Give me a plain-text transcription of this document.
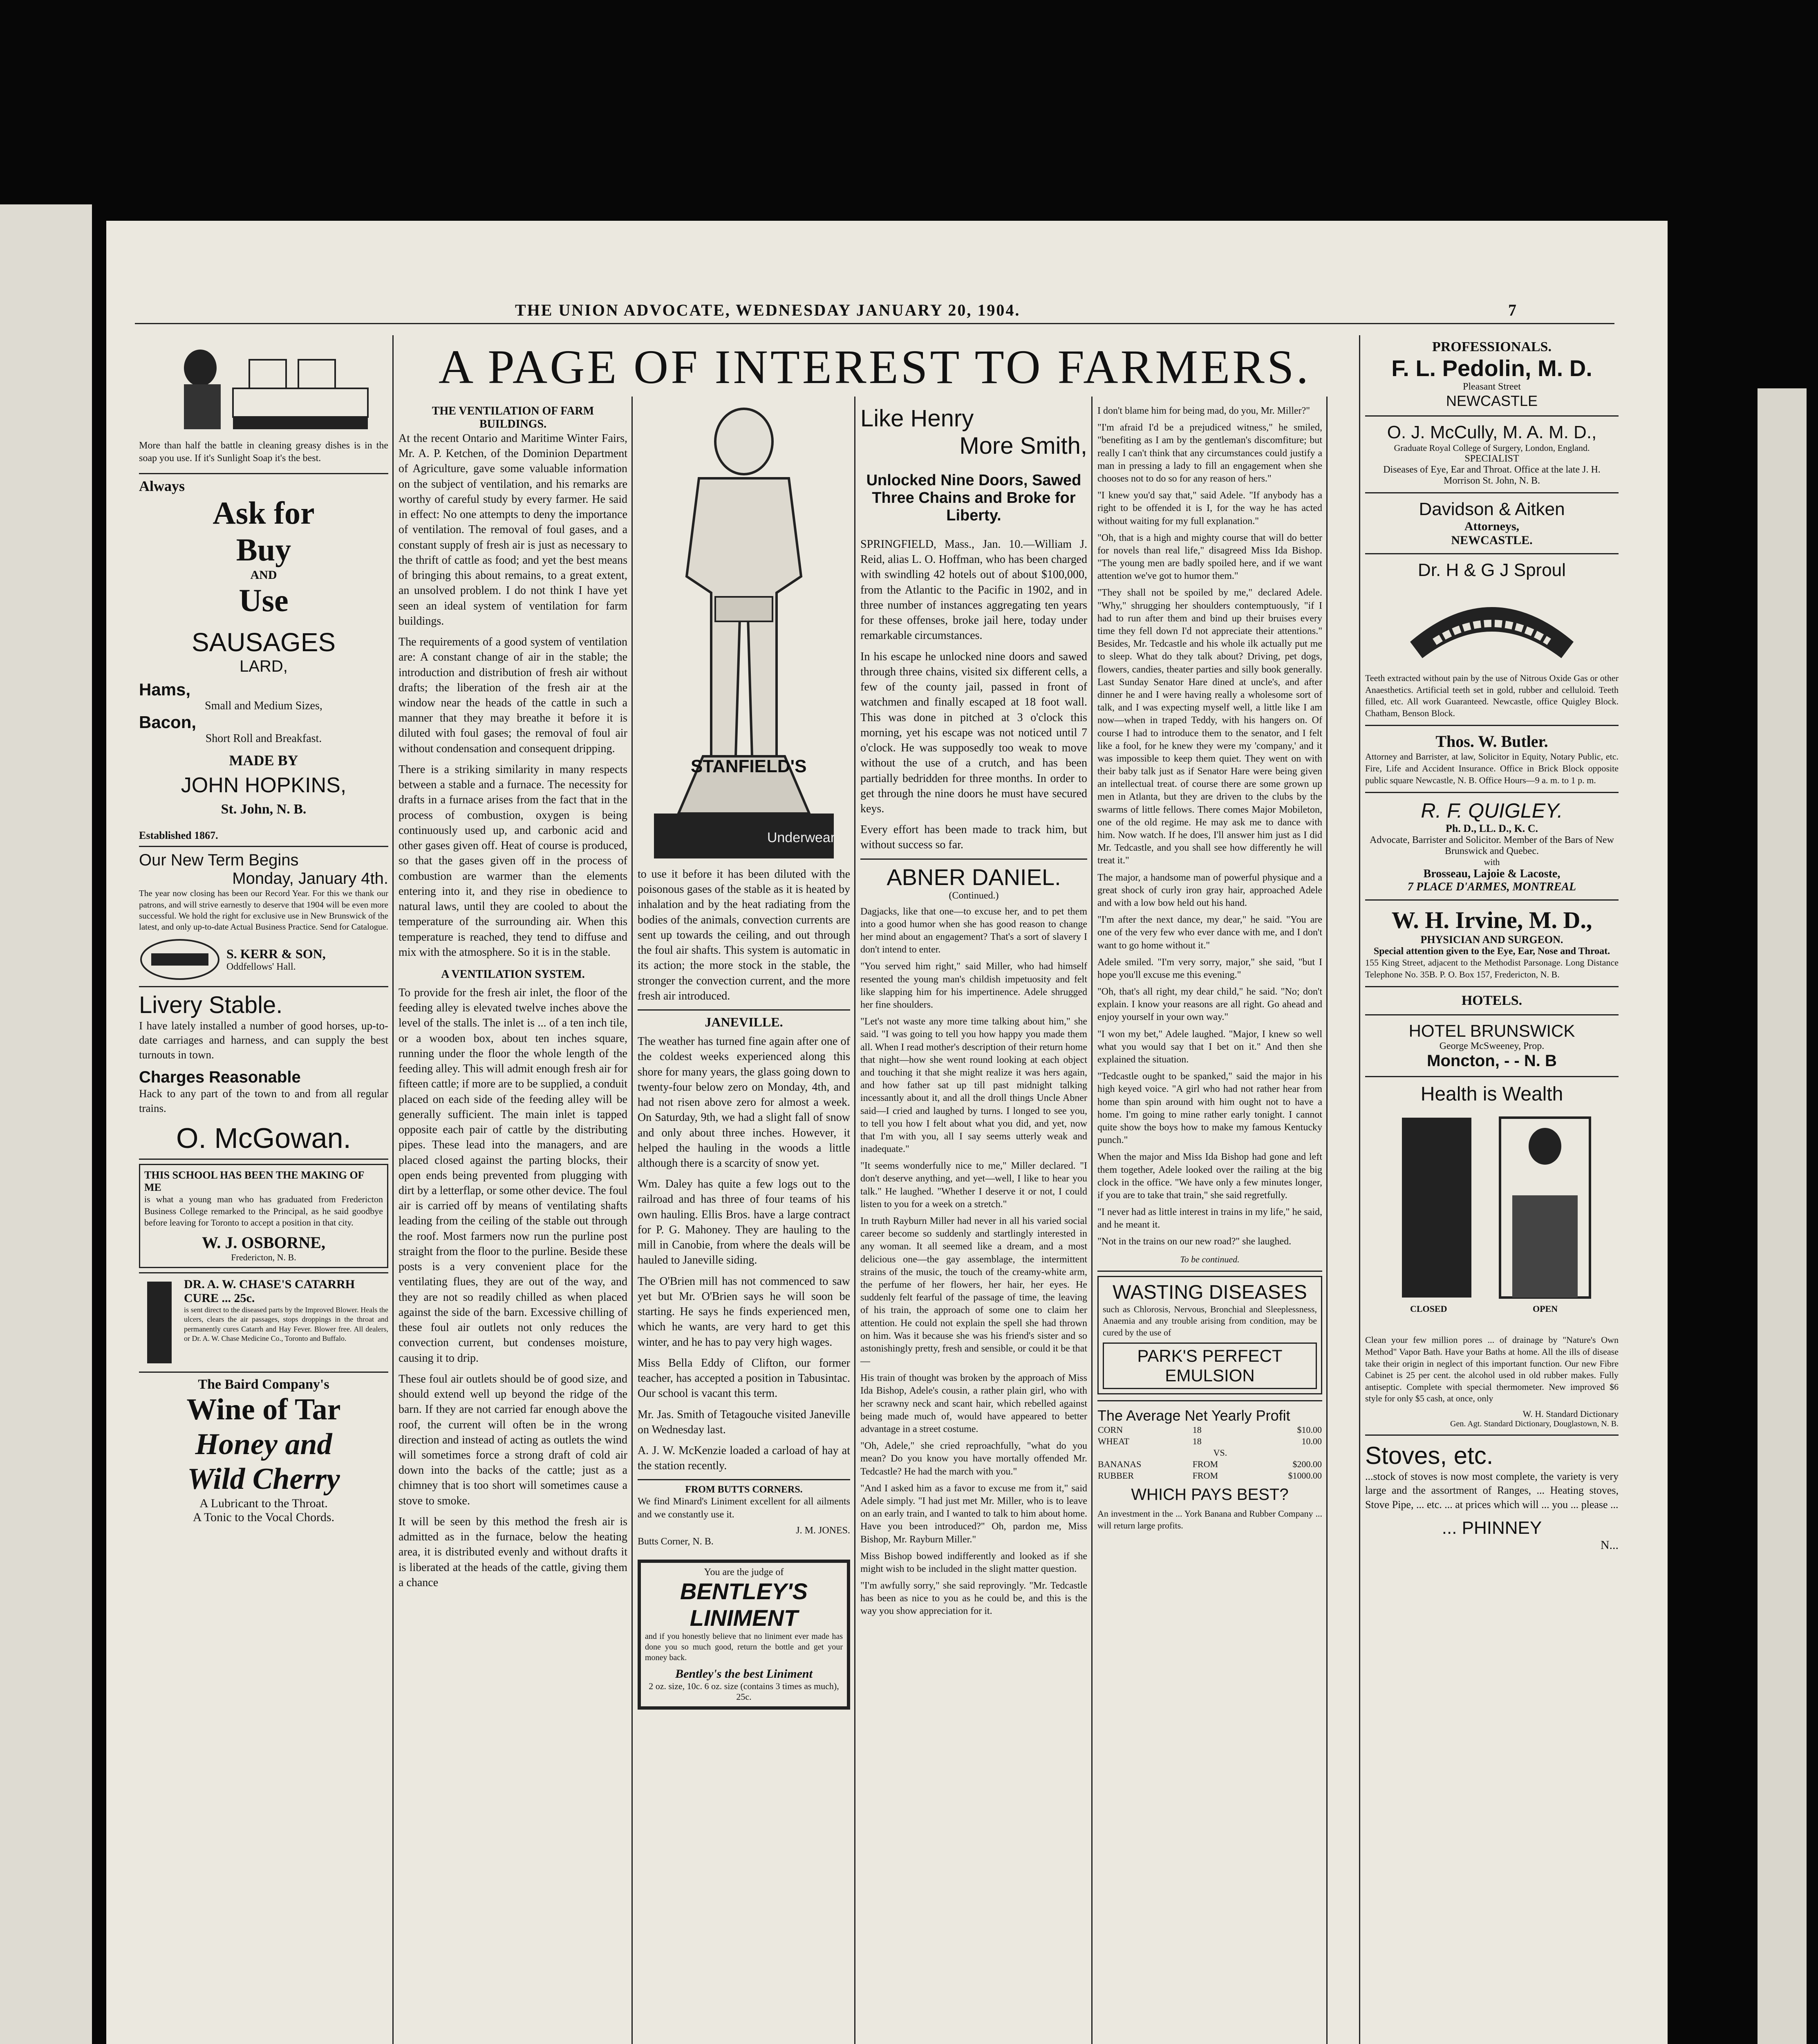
THE UNION ADVOCATE, WEDNESDAY JANUARY 20, 1904.	7
A PAGE OF INTEREST TO FARMERS.
More than half the battle in cleaning greasy dishes is in the soap you use. If it's Sunlight Soap it's the best.
Always
Ask for
Buy
AND
Use
SAUSAGES
LARD,
Hams,
Small and Medium Sizes,
Bacon,
Short Roll and Breakfast.
MADE BY
JOHN HOPKINS,
St. John, N. B.
Established 1867.
Our New Term Begins
Monday, January 4th.
The year now closing has been our Record Year. For this we thank our patrons, and will strive earnestly to deserve that 1904 will be even more successful. We hold the right for exclusive use in New Brunswick of the latest, and only up-to-date Actual Business Practice. Send for Catalogue.
S. KERR & SON,
Oddfellows' Hall.
Livery Stable.
I have lately installed a number of good horses, up-to-date carriages and harness, and can supply the best turnouts in town.
Charges Reasonable
Hack to any part of the town to and from all regular trains.
O. McGowan.
THIS SCHOOL HAS BEEN THE MAKING OF ME
is what a young man who has graduated from Fredericton Business College remarked to the Principal, as he said goodbye before leaving for Toronto to accept a position in that city.
W. J. OSBORNE,
Fredericton, N. B.
DR. A. W. CHASE'S CATARRH CURE ... 25c.
is sent direct to the diseased parts by the Improved Blower. Heals the ulcers, clears the air passages, stops droppings in the throat and permanently cures Catarrh and Hay Fever. Blower free. All dealers, or Dr. A. W. Chase Medicine Co., Toronto and Buffalo.
The Baird Company's
Wine of Tar
Honey and
Wild Cherry
A Lubricant to the Throat.
A Tonic to the Vocal Chords.
THE VENTILATION OF FARM BUILDINGS.

At the recent Ontario and Maritime Winter Fairs, Mr. A. P. Ketchen, of the Dominion Department of Agriculture, gave some valuable information on the subject of ventilation, and his remarks are worthy of careful study by every farmer. He said in effect: No one attempts to deny the importance of ventilation. The removal of foul gases, and a constant supply of fresh air is just as necessary to the thrift of cattle as food; and yet the best means of bringing this about remains, to a great extent, an unsolved problem. I do not think I have yet seen an ideal system of ventilation for farm buildings.

The requirements of a good system of ventilation are: A constant change of air in the stable; the introduction and distribution of fresh air without drafts; the liberation of the fresh air at the window near the heads of the cattle in such a manner that they may breathe it before it is diluted with foul gases; the removal of foul air without condensation and consequent dripping.

There is a striking similarity in many respects between a stable and a furnace. The necessity for drafts in a furnace arises from the fact that in the process of combustion, oxygen is being continuously used up, and carbonic acid and other gases given off. Heat of course is produced, so that the gases given off in the process of combustion are warmer than the elements entering into it, and they rise in obedience to natural laws, until they are cooled to about the temperature of the surrounding air. When this temperature is reached, they tend to diffuse and mix with the atmosphere. So it is in the stable.

A VENTILATION SYSTEM.

To provide for the fresh air inlet, the floor of the feeding alley is elevated twelve inches above the level of the stalls. The inlet is ... of a ten inch tile, or a wooden box, about ten inches square, running under the floor the whole length of the feeding alley. This will admit enough fresh air for fifteen cattle; if more are to be supplied, a conduit placed on each side of the feeding alley will be generally sufficient. The main inlet is tapped opposite each pair of cattle by the distributing pipes. These lead into the managers, and are placed closed against the parting blocks, their open ends being prevented from plugging with dirt by a letterflap, or some other device. The foul air is carried off by means of ventilating shafts leading from the ceiling of the stable out through the roof. Most farmers now run the purline post straight from the floor to the purline. Beside these posts is a very convenient place for the ventilating flues, they are out of the way, and they are not so readily chilled as when placed against the side of the barn. Excessive chilling of these foul air outlets not only reduces the convection current, but condenses moisture, causing it to drip.

These foul air outlets should be of good size, and should extend well up beyond the ridge of the barn. If they are not carried far enough above the roof, the current will often be in the wrong direction and instead of acting as outlets the wind will sometimes force a strong draft of cold air down into the backs of the cattle; just as a chimney that is too short will sometimes cause a stove to smoke.

It will be seen by this method the fresh air is admitted as in the furnace, below the heating area, it is distributed evenly and without drafts it is liberated at the heads of the cattle, giving them a chance

STANFIELD'S
Underwear

to use it before it has been diluted with the poisonous gases of the stable as it is heated by inhalation and by the heat radiating from the bodies of the animals, convection currents are sent up towards the ceiling, and out through the foul air shafts. This system is automatic in its action; the more stock in the stable, the stronger the convection current, and the more fresh air introduced.

JANEVILLE.

The weather has turned fine again after one of the coldest weeks experienced along this shore for many years, the glass going down to twenty-four below zero on Monday, 4th, and had not risen above zero for almost a week. On Saturday, 9th, we had a slight fall of snow and only about three inches. However, it helped the hauling in the woods a little although there is a scarcity of snow yet.

Wm. Daley has quite a few logs out to the railroad and has three of four teams of his own hauling. Ellis Bros. have a large contract for P. G. Mahoney. They are hauling to the mill in Canobie, from where the deals will be hauled to Janeville siding.

The O'Brien mill has not commenced to saw yet but Mr. O'Brien says he will soon be starting. He says he finds experienced men, which he wants, are very hard to get this winter, and he has to pay very high wages.

Miss Bella Eddy of Clifton, our former teacher, has accepted a position in Tabusintac. Our school is vacant this term.

Mr. Jas. Smith of Tetagouche visited Janeville on Wednesday last.

A. J. W. McKenzie loaded a carload of hay at the station recently.

FROM BUTTS CORNERS.

We find Minard's Liniment excellent for all ailments and we constantly use it.

J. M. JONES.
Butts Corner, N. B.
You are the judge of
BENTLEY'S LINIMENT
and if you honestly believe that no liniment ever made has done you so much good, return the bottle and get your money back.
Bentley's the best Liniment
2 oz. size, 10c. 6 oz. size (contains 3 times as much), 25c.
Like Henry
More Smith,
Unlocked Nine Doors, Sawed Three Chains and Broke for Liberty.

SPRINGFIELD, Mass., Jan. 10.—William J. Reid, alias L. O. Hoffman, who has been charged with swindling 42 hotels out of about $100,000, from the Atlantic to the Pacific in 1902, and in three number of instances aggregating ten years for these offenses, broke jail here, today under remarkable circumstances.

In his escape he unlocked nine doors and sawed through three chains, visited six different cells, a few of the county jail, passed in front of watchmen and finally escaped at 18 foot wall. This was done in pitched at 3 o'clock this morning, yet his escape was not noticed until 7 o'clock. He was supposedly too weak to move without the use of a crutch, and has been partially bedridden for three months. In order to get through the nine doors he must have secured keys.

Every effort has been made to track him, but without success so far.

ABNER DANIEL.
(Continued.)

Dagjacks, like that one—to excuse her, and to pet them into a good humor when she has good reason to change her mind about an engagement? That's a sort of slavery I don't intend to enter.

"You served him right," said Miller, who had himself resented the young man's childish impetuosity and felt like slapping him for his impertinence. Adele shrugged her fine shoulders.

"Let's not waste any more time talking about him," she said. "I was going to tell you how happy you made them all. When I read mother's description of their return home that night—how she went round looking at each object and touching it that she might realize it was hers again, and how father sat up till past midnight talking incessantly about it, and all the droll things Uncle Abner said—I cried and laughed by turns. I longed to see you, to tell you how I felt about what you did, and yet, now that I'm with you, all I say seems utterly weak and inadequate."

"It seems wonderfully nice to me," Miller declared. "I don't deserve anything, and yet—well, I like to hear you talk." He laughed. "Whether I deserve it or not, I could listen to you for a week on a stretch."

In truth Rayburn Miller had never in all his varied social career become so suddenly and startlingly interested in any woman. It all seemed like a dream, and a most delicious one—the gay assemblage, the intermittent strains of the music, the touch of the creamy-white arm, the perfume of her flowers, her hair, her eyes. He suddenly felt fearful of the passage of time, the leaving of his train, the approach of some one to claim her attention. He could not explain the spell she had thrown on him. Was it because she was his friend's sister and so astonishingly pretty, fresh and sensible, or could it be that—

His train of thought was broken by the approach of Miss Ida Bishop, Adele's cousin, a rather plain girl, who with her scrawny neck and scant hair, which rebelled against being made much of, would have appeared to better advantage in a street costume.

"Oh, Adele," she cried reproachfully, "what do you mean? Do you know you have mortally offended Mr. Tedcastle? He had the march with you."

"And I asked him as a favor to excuse me from it," said Adele simply. "I had just met Mr. Miller, who is to leave on an early train, and I wanted to talk to him about home. Have you been introduced?" Oh, pardon me, Miss Bishop, Mr. Rayburn Miller."

Miss Bishop bowed indifferently and looked as if she might wish to be included in the slight matter question.

"I'm awfully sorry," she said reprovingly. "Mr. Tedcastle has been as nice to you as he could be, and this is the way you show appreciation for it.

I don't blame him for being mad, do you, Mr. Miller?"

"I'm afraid I'd be a prejudiced witness," he smiled, "benefiting as I am by the gentleman's discomfiture; but really I can't think that any circumstances could justify a man in pressing a lady to fill an engagement when she chooses not to do so for any reason of hers."

"I knew you'd say that," said Adele. "If anybody has a right to be offended it is I, for the way he has acted without waiting for my full explanation."

"Oh, that is a high and mighty course that will do better for novels than real life," disagreed Miss Ida Bishop. "The young men are badly spoiled here, and if we want attention we've got to humor them."

"They shall not be spoiled by me," declared Adele. "Why," shrugging her shoulders contemptuously, "if I had to run after them and bind up their bruises every time they fell down I'd not appreciate their attentions." Besides, Mr. Tedcastle and his whole ilk actually put me to sleep. What do they talk about? Driving, pet dogs, flowers, candies, theater parties and silly book generally. Last Sunday Senator Hare dined at uncle's, and after dinner he and I were having really a wholesome sort of talk, and I was expecting myself well, a little like I am now—when in traped Teddy, with his hangers on. Of course I had to introduce them to the senator, and I felt like a fool, for he knew they were my 'company,' and it was impossible to keep them quiet. They went on with their baby talk just as if Senator Hare were being given an intellectual treat. of course there are some grown up men in Atlanta, but they are driven to the clubs by the swarms of little fellows. There comes Major Mobileton, one of the old regime. He may ask me to dance with him. Now watch. If he does, I'll answer him just as I did Mr. Tedcastle, and you shall see how differently he will treat it."

The major, a handsome man of powerful physique and a great shock of curly iron gray hair, approached Adele and with a low bow held out his hand.

"I'm after the next dance, my dear," he said. "You are one of the very few who ever dance with me, and I don't want to go home without it."

Adele smiled. "I'm very sorry, major," she said, "but I hope you'll excuse me this evening."

"Oh, that's all right, my dear child," he said. "No; don't explain. I know your reasons are all right. Go ahead and enjoy yourself in your own way."

"I won my bet," Adele laughed. "Major, I knew so well what you would say that I bet on it." And then she explained the situation.

"Tedcastle ought to be spanked," said the major in his high keyed voice. "A girl who had not rather hear from home than spin around with him ought not to have a home. I'm going to mine rather early tonight. I cannot quite show the boys how to make my famous Kentucky punch."

When the major and Miss Ida Bishop had gone and left them together, Adele looked over the railing at the big clock in the office. "We have only a few minutes longer, if you are to take that train," she said regretfully.

"I never had as little interest in trains in my life," he said, and he meant it.

"Not in the trains on our new road?" she laughed.

To be continued.
WASTING DISEASES
such as Chlorosis, Nervous, Bronchial and Sleeplessness, Anaemia and any trouble arising from condition, may be cured by the use of
PARK'S PERFECT EMULSION
The Average Net Yearly Profit
CORN	18	$10.00
WHEAT	18	10.00
	VS.	
BANANAS	FROM	$200.00
RUBBER	FROM	$1000.00
WHICH PAYS BEST?
An investment in the ... York Banana and Rubber Company ... will return large profits.
PROFESSIONALS.
F. L. Pedolin, M. D.
Pleasant Street
NEWCASTLE
O. J. McCully, M. A. M. D.,
Graduate Royal College of Surgery, London, England.
SPECIALIST
Diseases of Eye, Ear and Throat. Office at the late J. H. Morrison St. John, N. B.
Davidson & Aitken
Attorneys,
NEWCASTLE.
Dr. H & G J Sproul
Teeth extracted without pain by the use of Nitrous Oxide Gas or other Anaesthetics. Artificial teeth set in gold, rubber and celluloid. Teeth filled, etc. All work Guaranteed. Newcastle, office Quigley Block. Chatham, Benson Block.
Thos. W. Butler.
Attorney and Barrister, at law, Solicitor in Equity, Notary Public, etc. Fire, Life and Accident Insurance. Office in Brick Block opposite public square Newcastle, N. B. Office Hours—9 a. m. to 1 p. m.
R. F. QUIGLEY.
Ph. D., LL. D., K. C.
Advocate, Barrister and Solicitor. Member of the Bars of New Brunswick and Quebec.
with
Brosseau, Lajoie & Lacoste,
7 PLACE D'ARMES, MONTREAL
W. H. Irvine, M. D.,
PHYSICIAN AND SURGEON.
Special attention given to the Eye, Ear, Nose and Throat.
155 King Street, adjacent to the Methodist Parsonage. Long Distance Telephone No. 35B. P. O. Box 157, Fredericton, N. B.
HOTELS.
HOTEL BRUNSWICK
George McSweeney, Prop.
Moncton, - - N. B
Health is Wealth
CLOSED	OPEN
Clean your few million pores ... of drainage by "Nature's Own Method" Vapor Bath. Have your Baths at home. All the ills of disease take their origin in neglect of this important function. Our new Fibre Cabinet is 25 per cent. the alcohol used in old rubber makes. Fully antiseptic. Complete with special thermometer. New improved $6 style for only $5 cash, at once, only
W. H. Standard Dictionary
Gen. Agt. Standard Dictionary, Douglastown, N. B.
Stoves, etc.
...stock of stoves is now most complete, the variety is very large and the assortment of Ranges, ... Heating stoves, Stove Pipe, ... etc. ... at prices which will ... you ... please ...
... PHINNEY
N...
